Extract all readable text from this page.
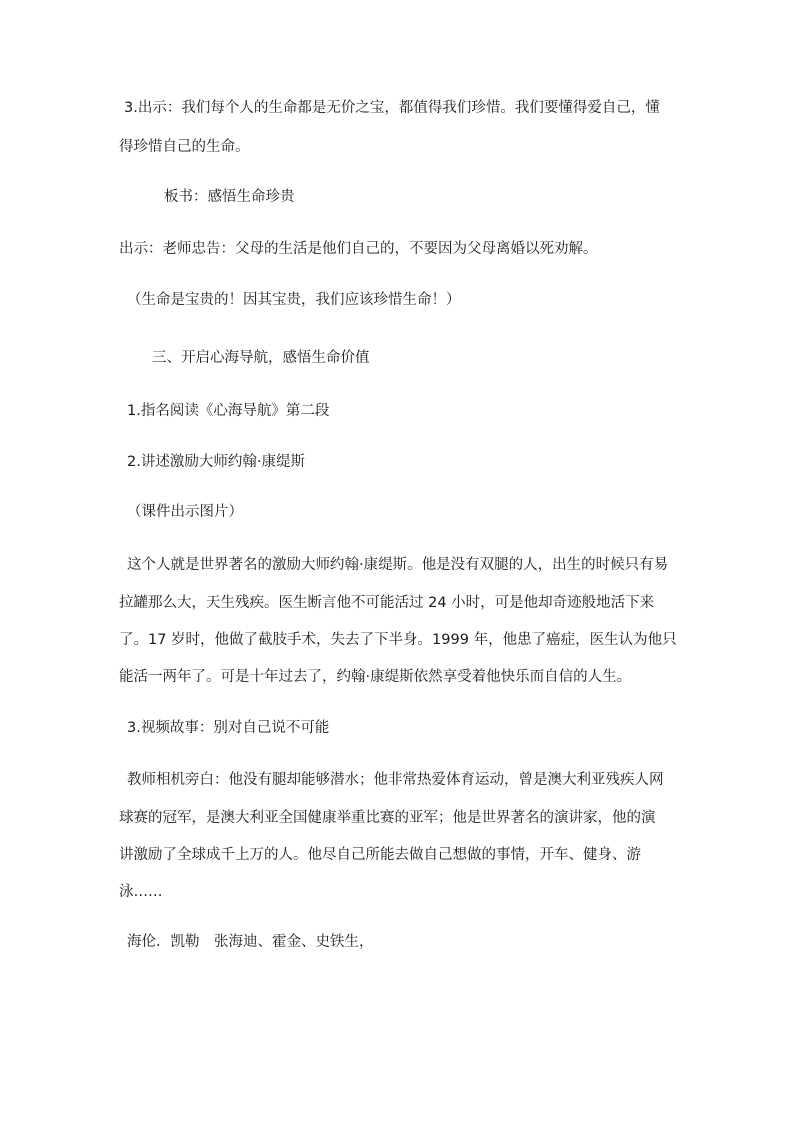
3.出示：我们每个人的生命都是无价之宝，都值得我们珍惜。我们要懂得爱自己，懂
得珍惜自己的生命。
板书：感悟生命珍贵
出示：老师忠告：父母的生活是他们自己的，不要因为父母离婚以死劝解。
（生命是宝贵的！因其宝贵，我们应该珍惜生命！）
三、开启心海导航，感悟生命价值
1.指名阅读《心海导航》第二段
2.讲述激励大师约翰·康缇斯
（课件出示图片）
这个人就是世界著名的激励大师约翰·康缇斯。他是没有双腿的人，出生的时候只有易
拉罐那么大，天生残疾。医生断言他不可能活过 24 小时，可是他却奇迹般地活下来
了。17 岁时，他做了截肢手术，失去了下半身。1999 年，他患了癌症，医生认为他只
能活一两年了。可是十年过去了，约翰·康缇斯依然享受着他快乐而自信的人生。
3.视频故事：别对自己说不可能
教师相机旁白：他没有腿却能够潜水；他非常热爱体育运动，曾是澳大利亚残疾人网
球赛的冠军，是澳大利亚全国健康举重比赛的亚军；他是世界著名的演讲家，他的演
讲激励了全球成千上万的人。他尽自己所能去做自己想做的事情，开车、健身、游
泳……
海伦．凯勒　张海迪、霍金、史铁生，
